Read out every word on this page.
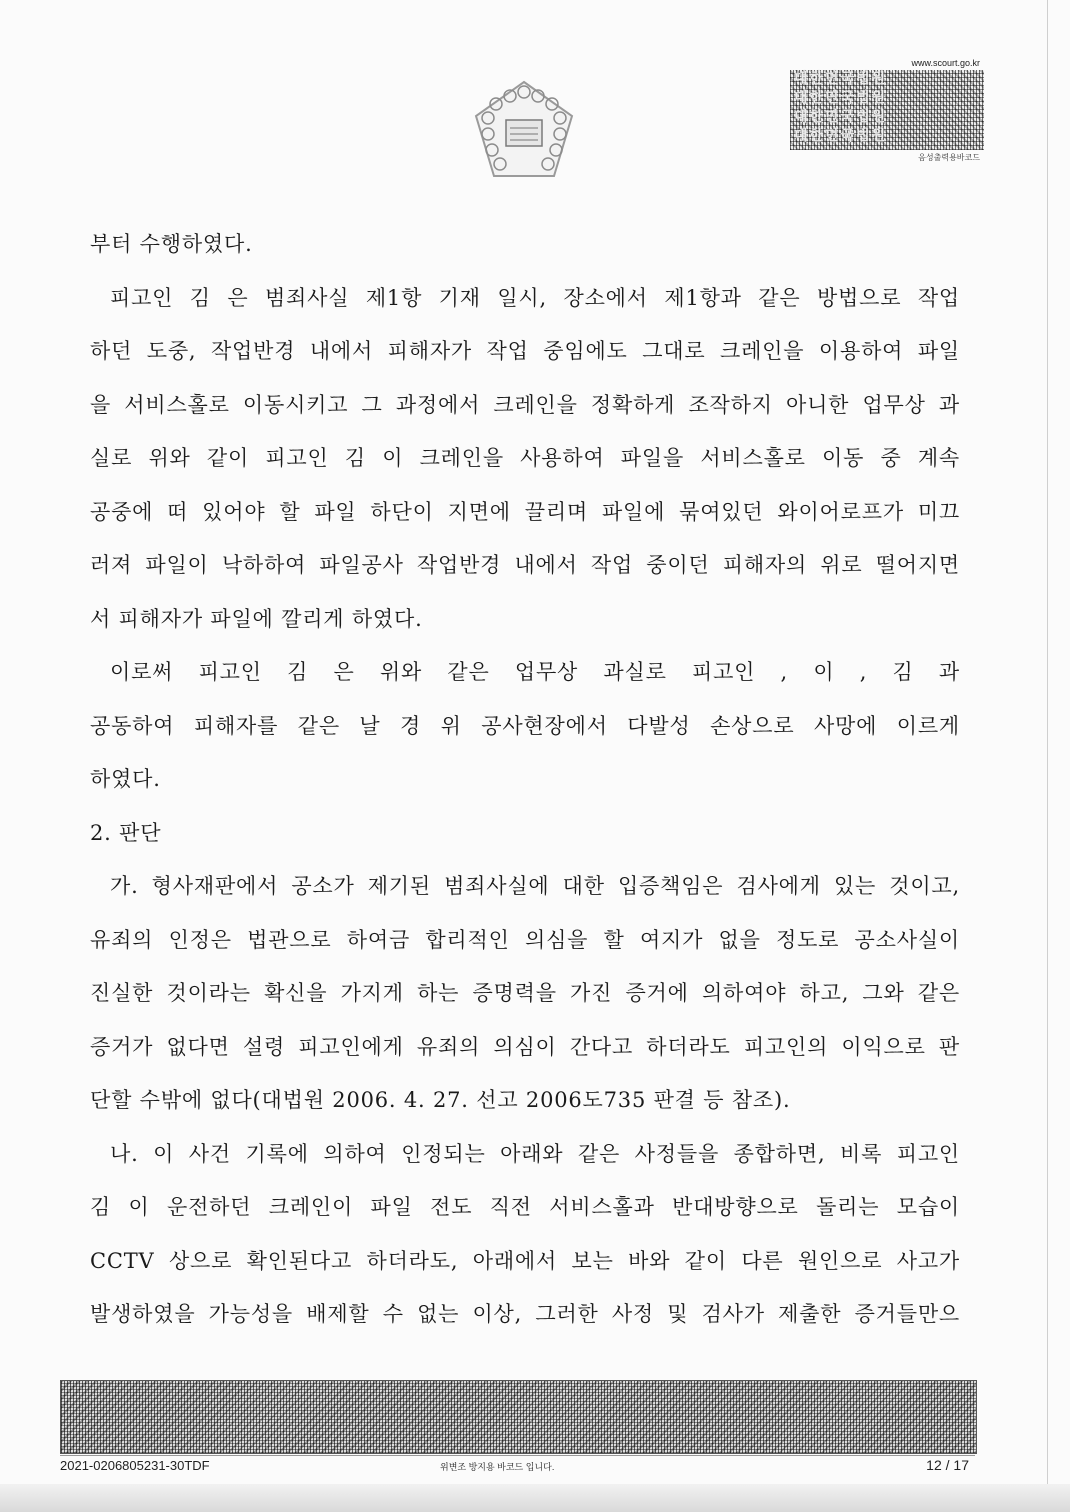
www.scourt.go.kr
대한민국법원
대한민국법원
대한민국법원
대한민국법원
음성출력용바코드

부터 수행하였다.

피고인 김 은 범죄사실 제1항 기재 일시, 장소에서 제1항과 같은 방법으로 작업

하던 도중, 작업반경 내에서 피해자가 작업 중임에도 그대로 크레인을 이용하여 파일

을 서비스홀로 이동시키고 그 과정에서 크레인을 정확하게 조작하지 아니한 업무상 과

실로 위와 같이 피고인 김 이 크레인을 사용하여 파일을 서비스홀로 이동 중 계속

공중에 떠 있어야 할 파일 하단이 지면에 끌리며 파일에 묶여있던 와이어로프가 미끄

러져 파일이 낙하하여 파일공사 작업반경 내에서 작업 중이던 피해자의 위로 떨어지면

서 피해자가 파일에 깔리게 하였다.

이로써 피고인 김 은 위와 같은 업무상 과실로 피고인 , 이 , 김 과

공동하여 피해자를 같은 날 경 위 공사현장에서 다발성 손상으로 사망에 이르게

하였다.

2. 판단

가. 형사재판에서 공소가 제기된 범죄사실에 대한 입증책임은 검사에게 있는 것이고,

유죄의 인정은 법관으로 하여금 합리적인 의심을 할 여지가 없을 정도로 공소사실이

진실한 것이라는 확신을 가지게 하는 증명력을 가진 증거에 의하여야 하고, 그와 같은

증거가 없다면 설령 피고인에게 유죄의 의심이 간다고 하더라도 피고인의 이익으로 판

단할 수밖에 없다(대법원 2006. 4. 27. 선고 2006도735 판결 등 참조).

나. 이 사건 기록에 의하여 인정되는 아래와 같은 사정들을 종합하면, 비록 피고인

김 이 운전하던 크레인이 파일 전도 직전 서비스홀과 반대방향으로 돌리는 모습이

CCTV 상으로 확인된다고 하더라도, 아래에서 보는 바와 같이 다른 원인으로 사고가

발생하였을 가능성을 배제할 수 없는 이상, 그러한 사정 및 검사가 제출한 증거들만으

2021-0206805231-30TDF	위변조 방지용 바코드 입니다.	12 / 17
